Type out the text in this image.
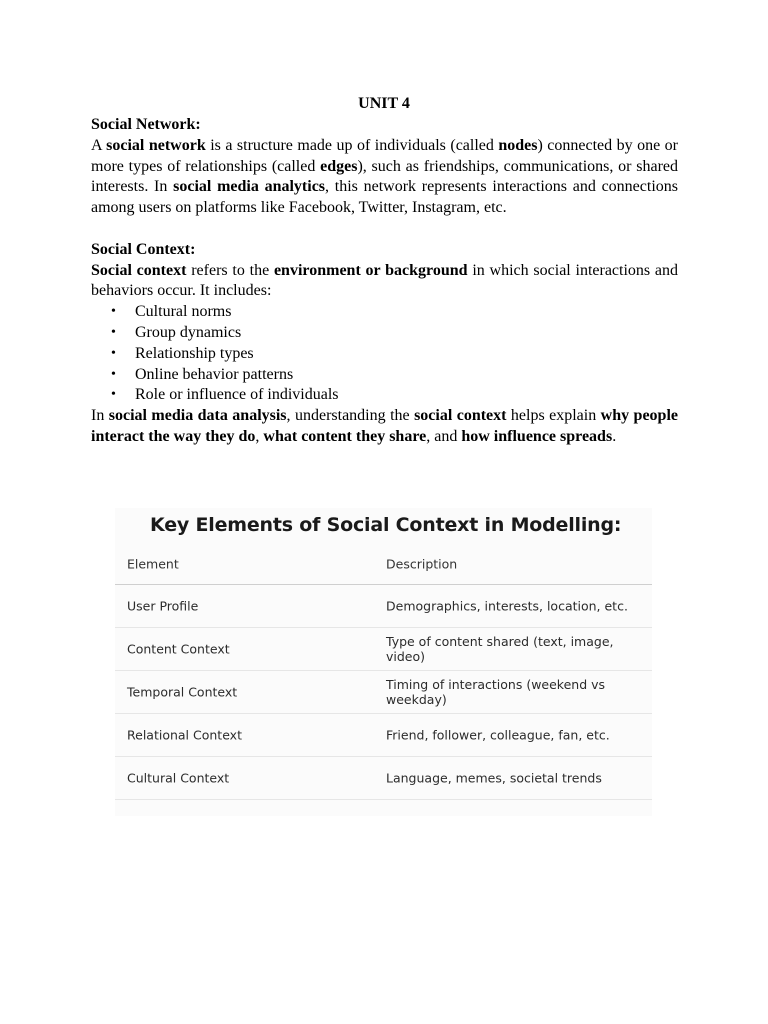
UNIT 4

Social Network:

A social network is a structure made up of individuals (called nodes) connected by one or more types of relationships (called edges), such as friendships, communications, or shared interests. In social media analytics, this network represents interactions and connections among users on platforms like Facebook, Twitter, Instagram, etc.

Social Context:

Social context refers to the environment or background in which social interactions and behaviors occur. It includes:

• Cultural norms
• Group dynamics
• Relationship types
• Online behavior patterns
• Role or influence of individuals

In social media data analysis, understanding the social context helps explain why people interact the way they do, what content they share, and how influence spreads.

Key Elements of Social Context in Modelling:
Element	Description
User Profile	Demographics, interests, location, etc.
Content Context	Type of content shared (text, image, video)
Temporal Context	Timing of interactions (weekend vs weekday)
Relational Context	Friend, follower, colleague, fan, etc.
Cultural Context	Language, memes, societal trends
